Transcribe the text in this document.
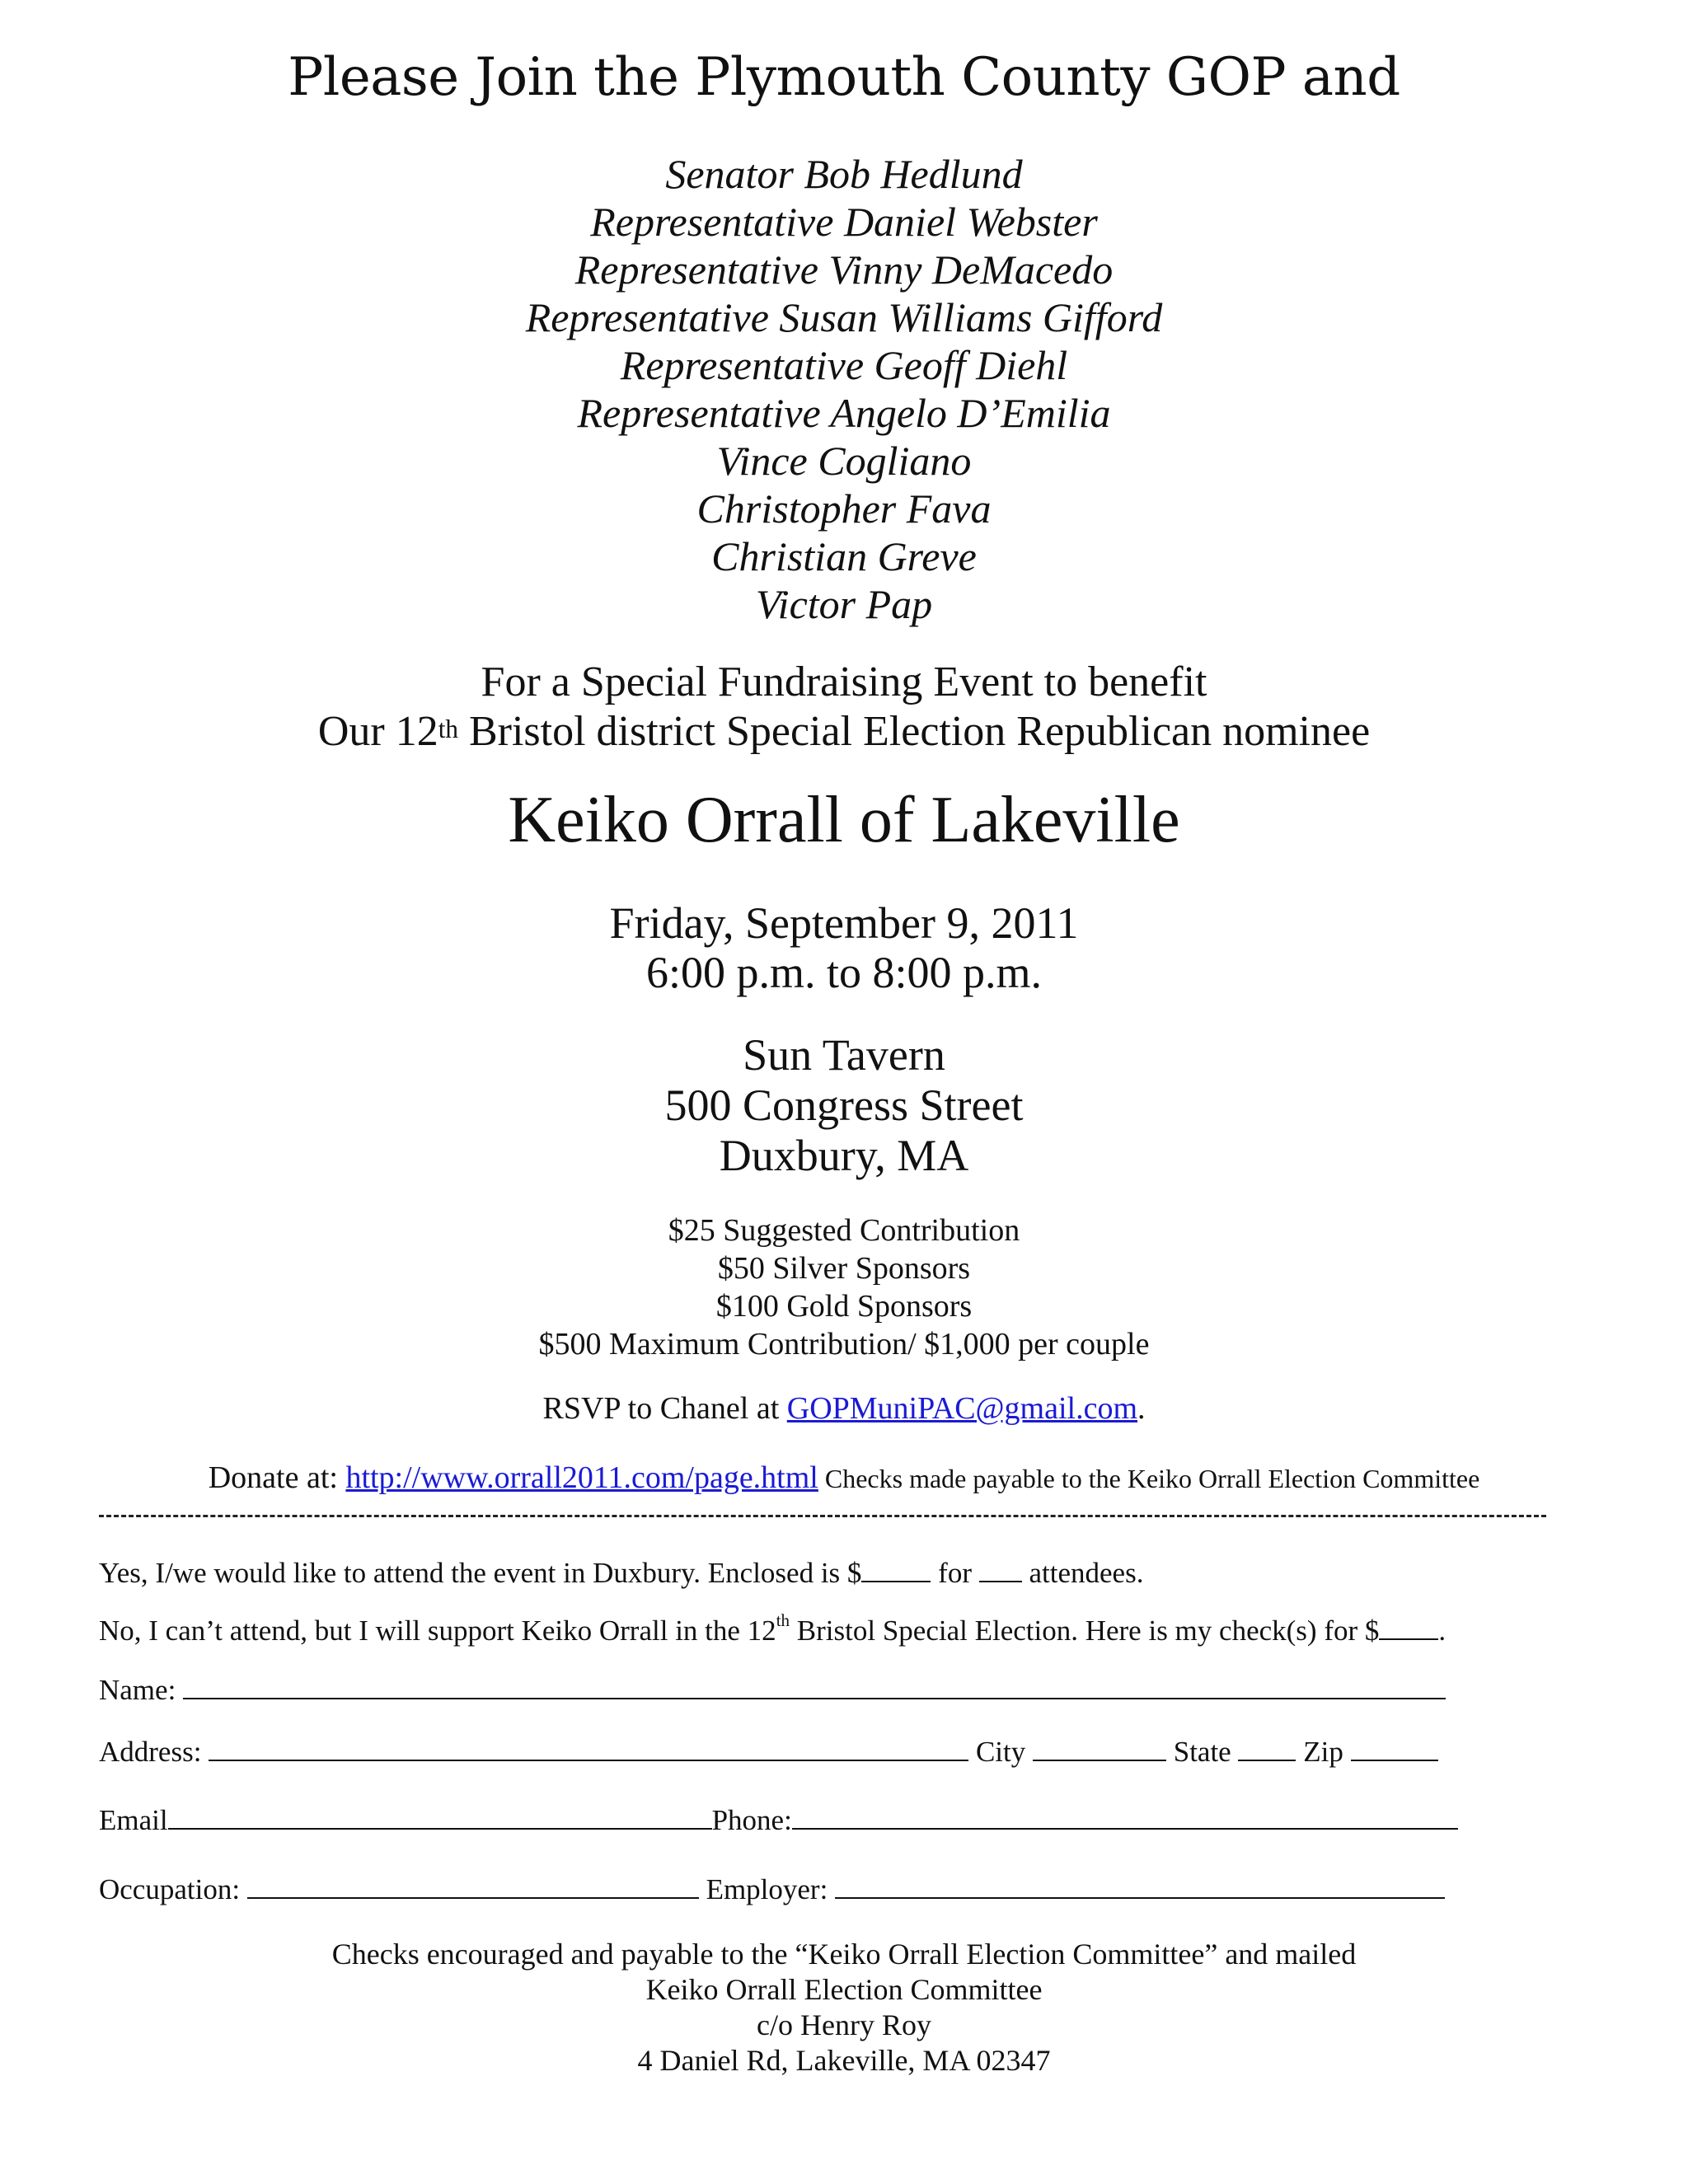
Please Join the Plymouth County GOP and
Senator Bob Hedlund
Representative Daniel Webster
Representative Vinny DeMacedo
Representative Susan Williams Gifford
Representative Geoff Diehl
Representative Angelo D’Emilia
Vince Cogliano
Christopher Fava
Christian Greve
Victor Pap
For a Special Fundraising Event to benefit
Our 12th Bristol district Special Election Republican nominee
Keiko Orrall of Lakeville
Friday, September 9, 2011
6:00 p.m. to 8:00 p.m.
Sun Tavern
500 Congress Street
Duxbury, MA
$25 Suggested Contribution
$50 Silver Sponsors
$100 Gold Sponsors
$500 Maximum Contribution/ $1,000 per couple
RSVP to Chanel at GOPMuniPAC@gmail.com.
Donate at: http://www.orrall2011.com/page.html Checks made payable to the Keiko Orrall Election Committee
Yes, I/we would like to attend the event in Duxbury. Enclosed is $ for  attendees.
No, I can’t attend, but I will support Keiko Orrall in the 12th Bristol Special Election. Here is my check(s) for $ .
Name:
Address:	City	State  Zip
Email	Phone:
Occupation:	Employer:
Checks encouraged and payable to the “Keiko Orrall Election Committee” and mailed
Keiko Orrall Election Committee
c/o Henry Roy
4 Daniel Rd, Lakeville, MA 02347
